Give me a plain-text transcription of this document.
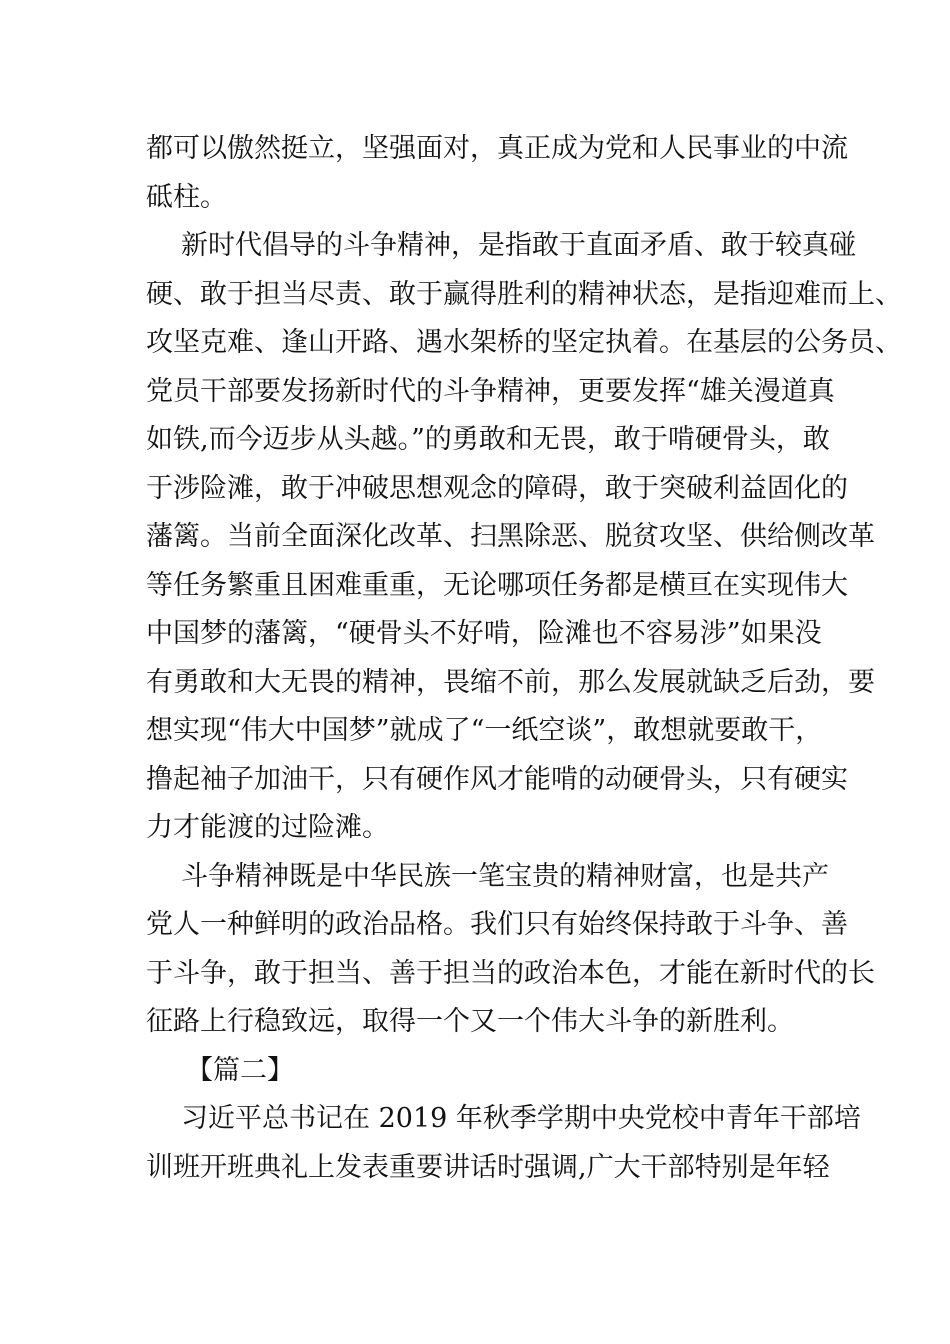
都可以傲然挺立，坚强面对，真正成为党和人民事业的中流
砥柱。
新时代倡导的斗争精神，是指敢于直面矛盾、敢于较真碰
硬、敢于担当尽责、敢于赢得胜利的精神状态，是指迎难而上、
攻坚克难、逢山开路、遇水架桥的坚定执着。在基层的公务员、
党员干部要发扬新时代的斗争精神，更要发挥“雄关漫道真
如铁,而今迈步从头越。”的勇敢和无畏，敢于啃硬骨头，敢
于涉险滩，敢于冲破思想观念的障碍，敢于突破利益固化的
藩篱。当前全面深化改革、扫黑除恶、脱贫攻坚、供给侧改革
等任务繁重且困难重重，无论哪项任务都是横亘在实现伟大
中国梦的藩篱，“硬骨头不好啃，险滩也不容易涉”如果没
有勇敢和大无畏的精神，畏缩不前，那么发展就缺乏后劲，要
想实现“伟大中国梦”就成了“一纸空谈”，敢想就要敢干，
撸起袖子加油干，只有硬作风才能啃的动硬骨头，只有硬实
力才能渡的过险滩。
斗争精神既是中华民族一笔宝贵的精神财富，也是共产
党人一种鲜明的政治品格。我们只有始终保持敢于斗争、善
于斗争，敢于担当、善于担当的政治本色，才能在新时代的长
征路上行稳致远，取得一个又一个伟大斗争的新胜利。
【篇二】
习近平总书记在 2019 年秋季学期中央党校中青年干部培
训班开班典礼上发表重要讲话时强调,广大干部特别是年轻
